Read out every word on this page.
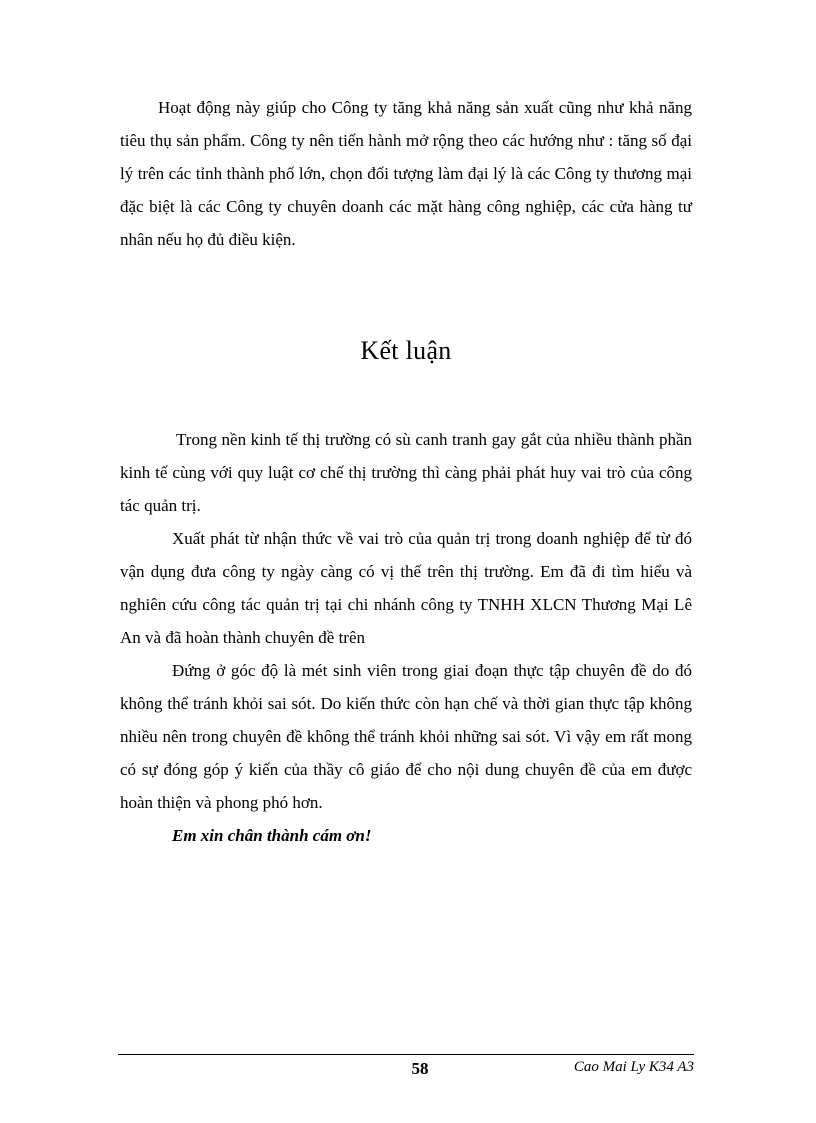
Hoạt động này giúp cho Công ty tăng khả năng sản xuất cũng như khả năng tiêu thụ sản phẩm. Công ty nên tiến hành mở rộng theo các hướng như : tăng số đại lý trên các tỉnh thành phố lớn, chọn đối tượng làm đại lý là các Công ty thương mại đặc biệt là các Công ty chuyên doanh các mặt hàng công nghiệp, các cửa hàng tư nhân nếu họ đủ điều kiện.

Kết luận

Trong nền kinh tế thị trường có sù canh tranh gay gắt của nhiều thành phần kinh tế cùng với quy luật cơ chế thị trường thì càng phải phát huy vai trò của công tác quản trị.

Xuất phát từ nhận thức về vai trò của quản trị trong doanh nghiệp để từ đó vận dụng đưa công ty ngày càng có vị thế trên thị trường. Em đã đi tìm hiểu và nghiên cứu công tác quản trị tại chi nhánh công ty TNHH XLCN Thương Mại Lê An và đã hoàn thành chuyên đề trên

Đứng ở góc độ là mét sinh viên trong giai đoạn thực tập chuyên đề do đó không thể tránh khỏi sai sót. Do kiến thức còn hạn chế và thời gian thực tập không nhiều nên trong chuyên đề không thể tránh khỏi những sai sót. Vì vậy em rất mong có sự đóng góp ý kiến của thầy cô giáo để cho nội dung chuyên đề của em được hoàn thiện và phong phó hơn.

Em xin chân thành cám ơn!

58	Cao Mai Ly K34 A3
